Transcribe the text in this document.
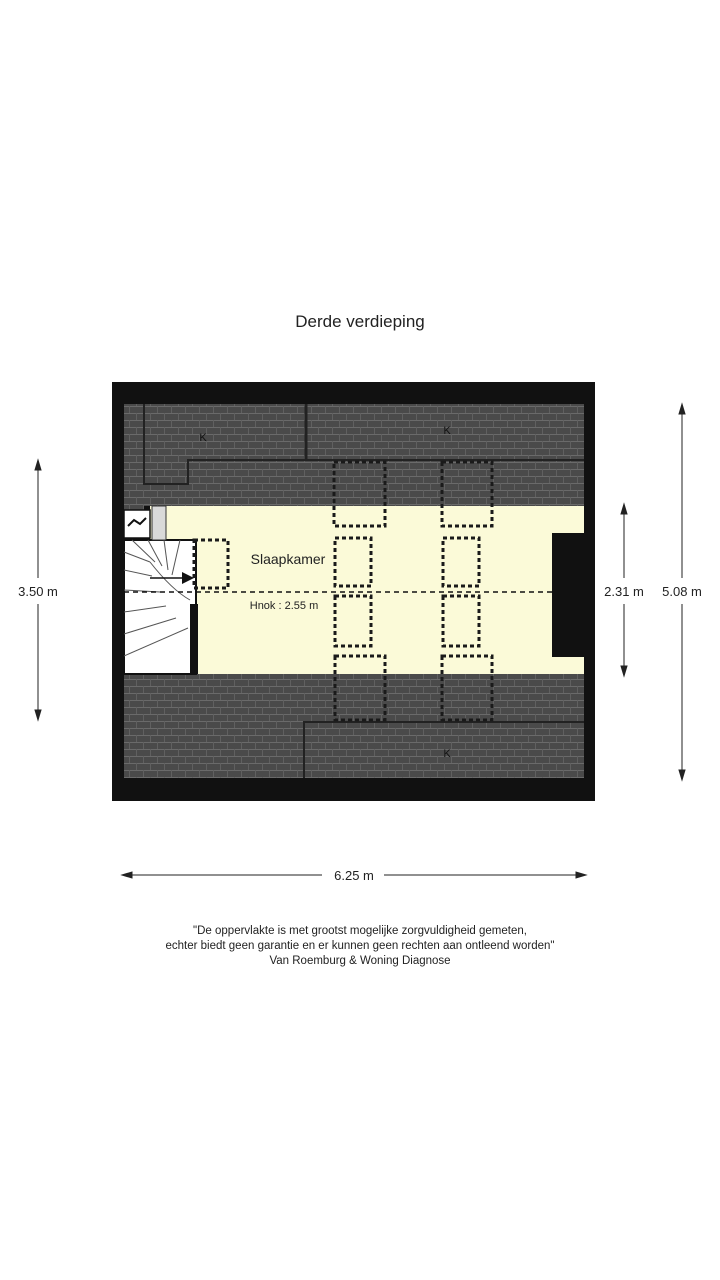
Derde verdieping
Slaapkamer
Hnok : 2.55 m
K
K
K
3.50 m	2.31 m 5.08 m
6.25 m
"De oppervlakte is met grootst mogelijke zorgvuldigheid gemeten,
echter biedt geen garantie en er kunnen geen rechten aan ontleend worden"
Van Roemburg & Woning Diagnose
